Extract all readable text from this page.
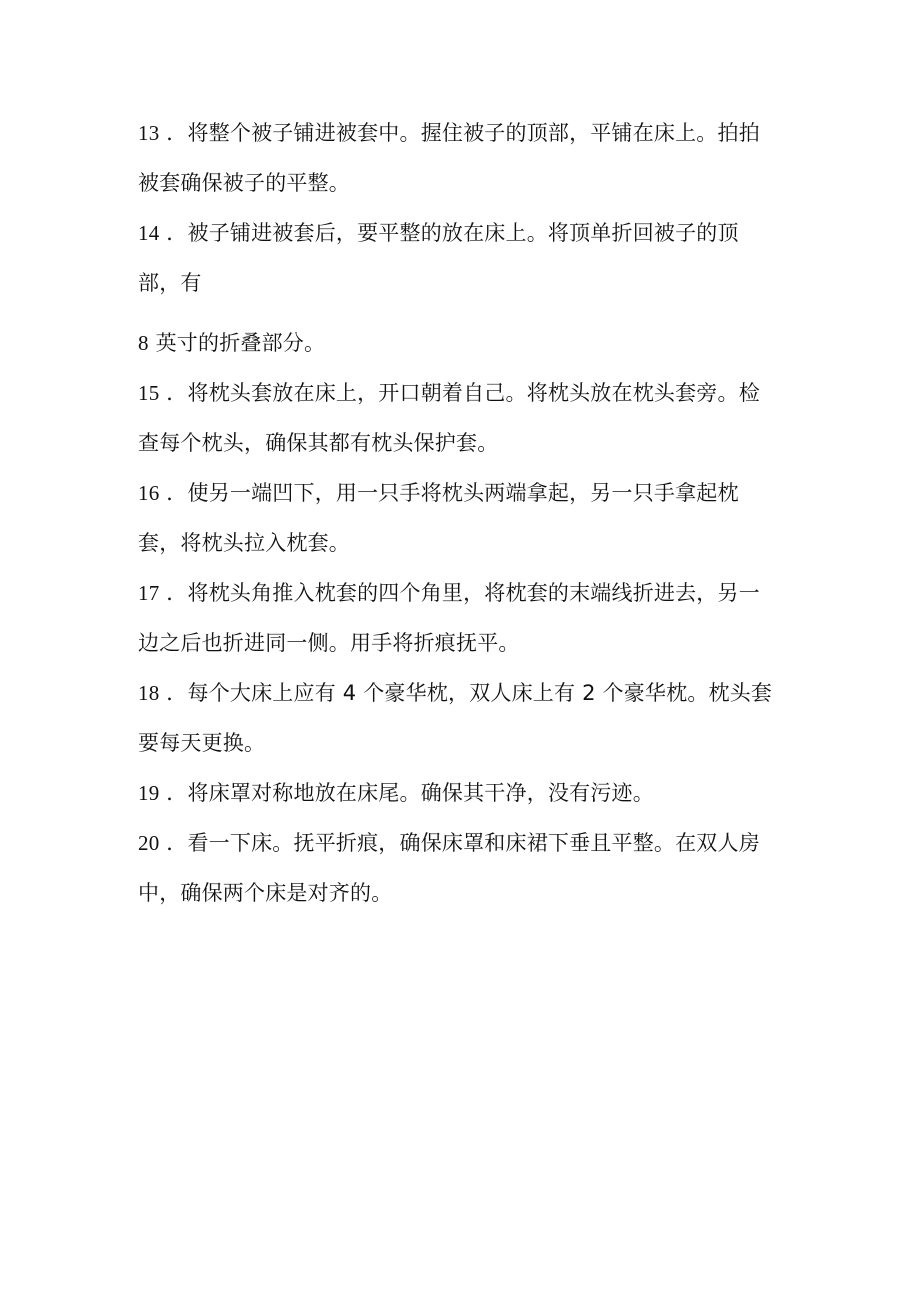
13 ．将整个被子铺进被套中。握住被子的顶部，平铺在床上。拍拍被套确保被子的平整。

14 ．被子铺进被套后，要平整的放在床上。将顶单折回被子的顶部，有

8 英寸的折叠部分。

15 ．将枕头套放在床上，开口朝着自己。将枕头放在枕头套旁。检查每个枕头，确保其都有枕头保护套。

16 ．使另一端凹下，用一只手将枕头两端拿起，另一只手拿起枕套，将枕头拉入枕套。

17 ．将枕头角推入枕套的四个角里，将枕套的末端线折进去，另一边之后也折进同一侧。用手将折痕抚平。

18 ．每个大床上应有 4 个豪华枕，双人床上有 2 个豪华枕。枕头套要每天更换。

19 ．将床罩对称地放在床尾。确保其干净，没有污迹。

20 ．看一下床。抚平折痕，确保床罩和床裙下垂且平整。在双人房中，确保两个床是对齐的。
